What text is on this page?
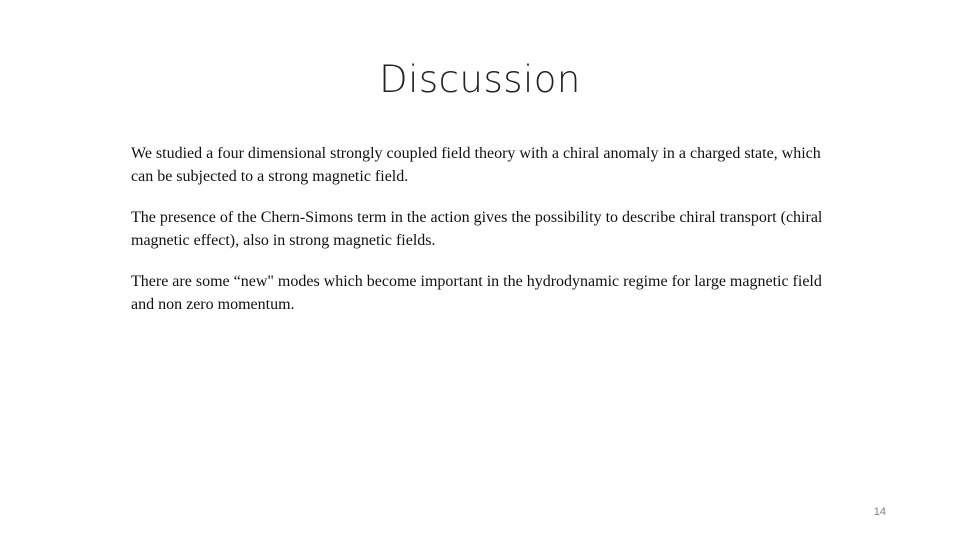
Discussion

We studied a four dimensional strongly coupled field theory with a chiral anomaly in a charged state, which can be subjected to a strong magnetic field.

The presence of the Chern-Simons term in the action gives the possibility to describe chiral transport (chiral magnetic effect), also in strong magnetic fields.

There are some “new" modes which become important in the hydrodynamic regime for large magnetic field and non zero momentum.

14
